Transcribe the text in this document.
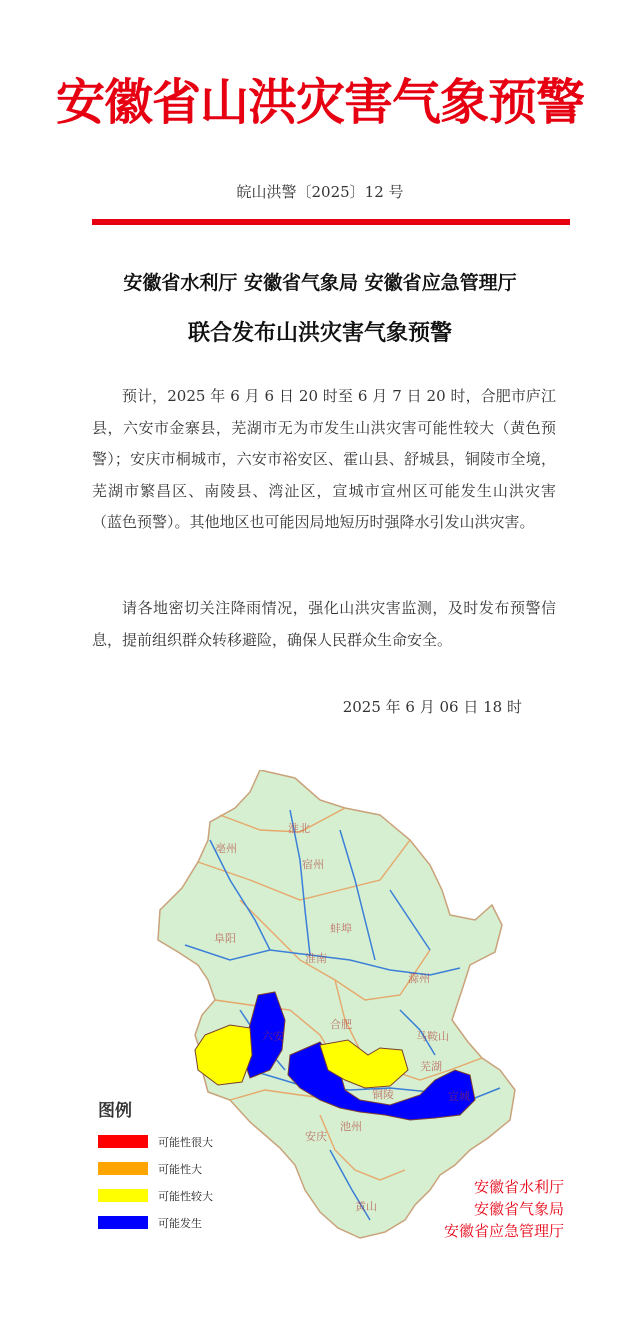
安徽省山洪灾害气象预警
皖山洪警〔2025〕12 号
安徽省水利厅 安徽省气象局 安徽省应急管理厅
联合发布山洪灾害气象预警
预计，2025 年 6 月 6 日 20 时至 6 月 7 日 20 时，合肥市庐江县，六安市金寨县，芜湖市无为市发生山洪灾害可能性较大（黄色预警）；安庆市桐城市，六安市裕安区、霍山县、舒城县，铜陵市全境，芜湖市繁昌区、南陵县、湾沚区，宣城市宣州区可能发生山洪灾害（蓝色预警）。其他地区也可能因局地短历时强降水引发山洪灾害。
请各地密切关注降雨情况，强化山洪灾害监测，及时发布预警信息，提前组织群众转移避险，确保人民群众生命安全。
2025 年 6 月 06 日 18 时
亳州
淮北
宿州
阜阳
蚌埠
淮南
滁州
合肥
六安	马鞍山
芜湖
铜陵	宣城
安庆
池州
黄山
图例
可能性很大
可能性大
可能性较大
可能发生
安徽省水利厅
安徽省气象局
安徽省应急管理厅
